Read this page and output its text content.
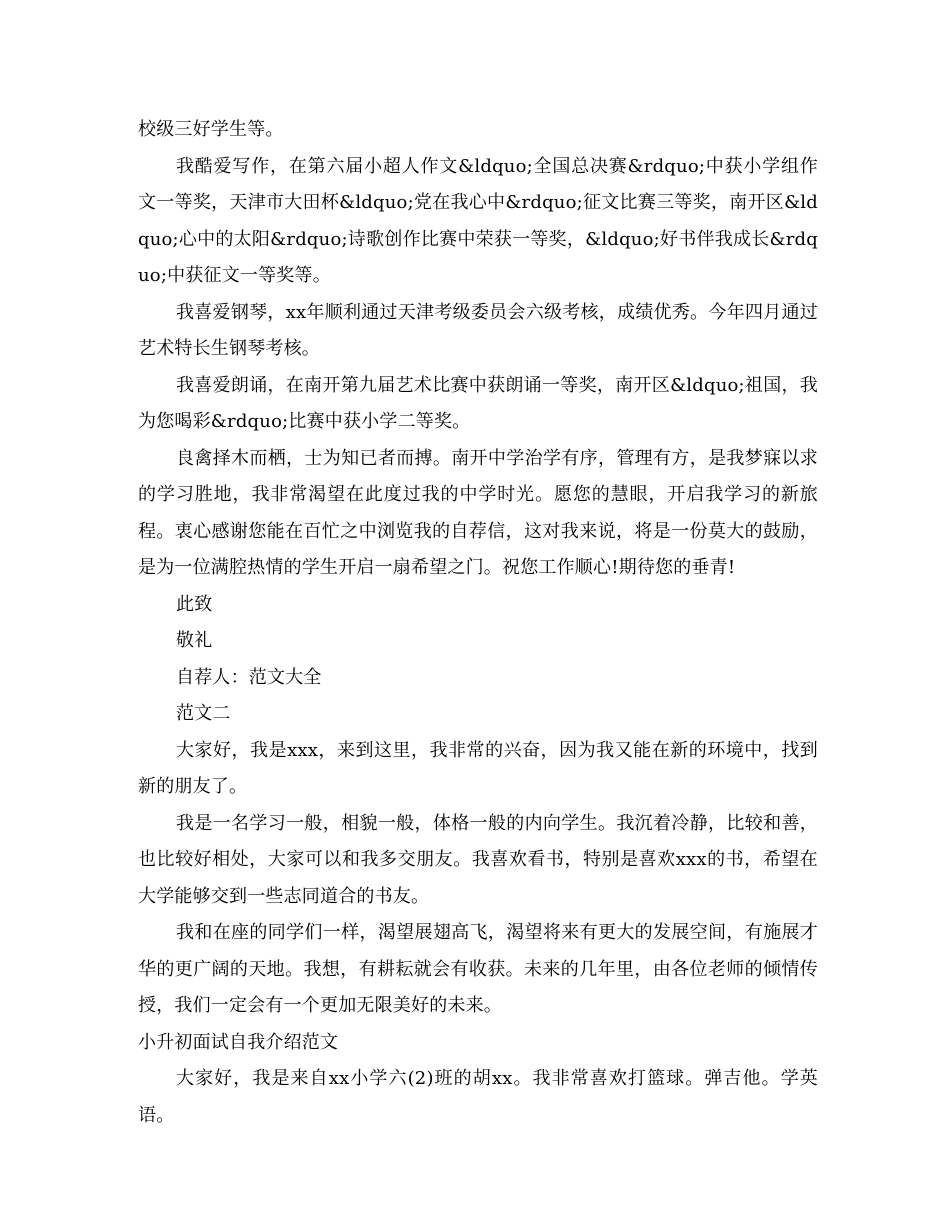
校级三好学生等。

我酷爱写作，在第六届小超人作文&ldquo;全国总决赛&rdquo;中获小学组作文一等奖，天津市大田杯&ldquo;党在我心中&rdquo;征文比赛三等奖，南开区&ldquo;心中的太阳&rdquo;诗歌创作比赛中荣获一等奖，&ldquo;好书伴我成长&rdquo;中获征文一等奖等。

我喜爱钢琴，xx年顺利通过天津考级委员会六级考核，成绩优秀。今年四月通过艺术特长生钢琴考核。

我喜爱朗诵，在南开第九届艺术比赛中获朗诵一等奖，南开区&ldquo;祖国，我为您喝彩&rdquo;比赛中获小学二等奖。

良禽择木而栖，士为知已者而搏。南开中学治学有序，管理有方，是我梦寐以求的学习胜地，我非常渴望在此度过我的中学时光。愿您的慧眼，开启我学习的新旅程。衷心感谢您能在百忙之中浏览我的自荐信，这对我来说，将是一份莫大的鼓励，是为一位满腔热情的学生开启一扇希望之门。祝您工作顺心!期待您的垂青!

此致

敬礼

自荐人：范文大全

范文二

大家好，我是xxx，来到这里，我非常的兴奋，因为我又能在新的环境中，找到新的朋友了。

我是一名学习一般，相貌一般，体格一般的内向学生。我沉着冷静，比较和善，也比较好相处，大家可以和我多交朋友。我喜欢看书，特别是喜欢xxx的书，希望在大学能够交到一些志同道合的书友。

我和在座的同学们一样，渴望展翅高飞，渴望将来有更大的发展空间，有施展才华的更广阔的天地。我想，有耕耘就会有收获。未来的几年里，由各位老师的倾情传授，我们一定会有一个更加无限美好的未来。

小升初面试自我介绍范文

大家好，我是来自xx小学六(2)班的胡xx。我非常喜欢打篮球。弹吉他。学英语。
